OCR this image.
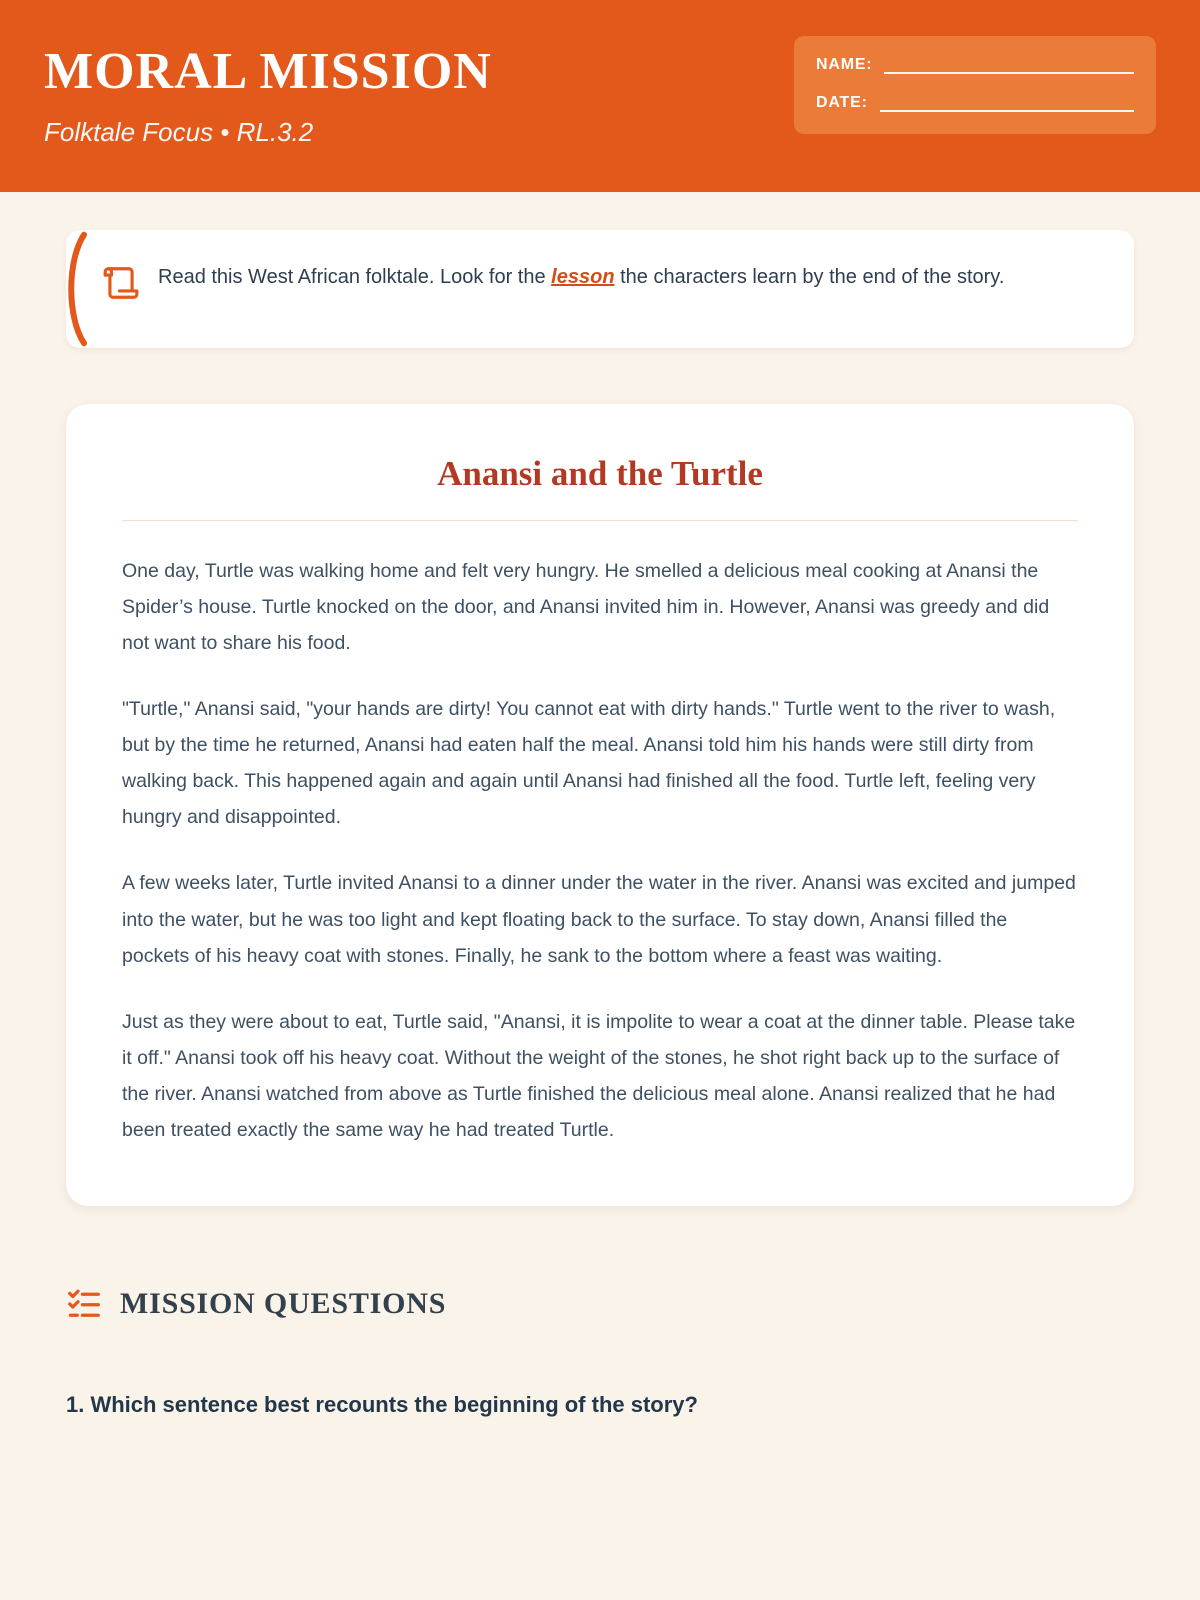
MORAL MISSION
Folktale Focus • RL.3.2
NAME:
DATE:
Read this West African folktale. Look for the lesson the characters learn by the end of the story.
Anansi and the Turtle

One day, Turtle was walking home and felt very hungry. He smelled a delicious meal cooking at Anansi the Spider’s house. Turtle knocked on the door, and Anansi invited him in. However, Anansi was greedy and did not want to share his food.

"Turtle," Anansi said, "your hands are dirty! You cannot eat with dirty hands." Turtle went to the river to wash, but by the time he returned, Anansi had eaten half the meal. Anansi told him his hands were still dirty from walking back. This happened again and again until Anansi had finished all the food. Turtle left, feeling very hungry and disappointed.

A few weeks later, Turtle invited Anansi to a dinner under the water in the river. Anansi was excited and jumped into the water, but he was too light and kept floating back to the surface. To stay down, Anansi filled the pockets of his heavy coat with stones. Finally, he sank to the bottom where a feast was waiting.

Just as they were about to eat, Turtle said, "Anansi, it is impolite to wear a coat at the dinner table. Please take it off." Anansi took off his heavy coat. Without the weight of the stones, he shot right back up to the surface of the river. Anansi watched from above as Turtle finished the delicious meal alone. Anansi realized that he had been treated exactly the same way he had treated Turtle.

MISSION QUESTIONS
1. Which sentence best recounts the beginning of the story?
